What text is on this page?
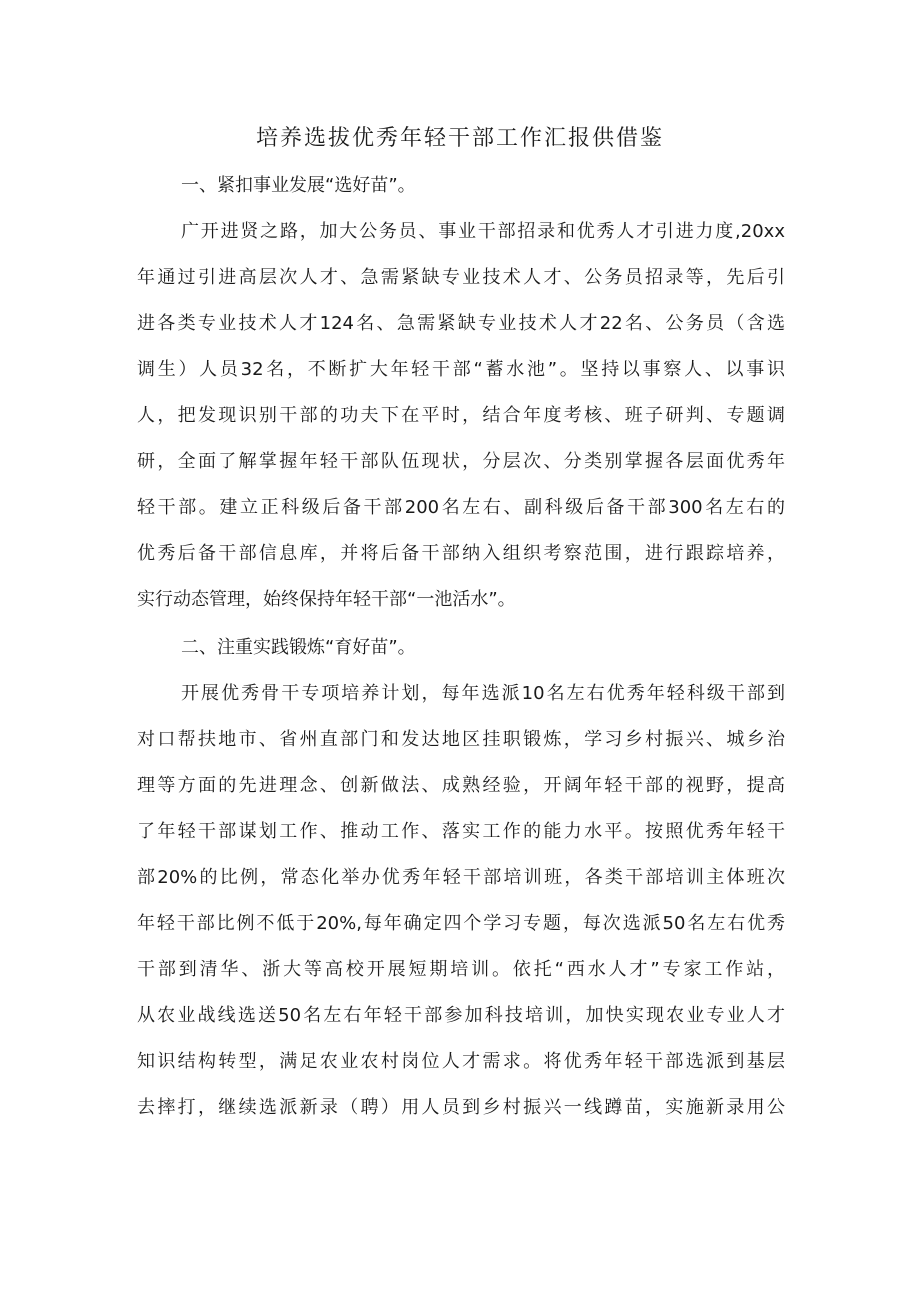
培养选拔优秀年轻干部工作汇报供借鉴

一、紧扣事业发展“选好苗”。

广开进贤之路，加大公务员、事业干部招录和优秀人才引进力度,20xx

年通过引进高层次人才、急需紧缺专业技术人才、公务员招录等，先后引

进各类专业技术人才124名、急需紧缺专业技术人才22名、公务员（含选

调生）人员32名，不断扩大年轻干部“蓄水池”。坚持以事察人、以事识

人，把发现识别干部的功夫下在平时，结合年度考核、班子研判、专题调

研，全面了解掌握年轻干部队伍现状，分层次、分类别掌握各层面优秀年

轻干部。建立正科级后备干部200名左右、副科级后备干部300名左右的

优秀后备干部信息库，并将后备干部纳入组织考察范围，进行跟踪培养，

实行动态管理，始终保持年轻干部“一池活水”。

二、注重实践锻炼“育好苗”。

开展优秀骨干专项培养计划，每年选派10名左右优秀年轻科级干部到

对口帮扶地市、省州直部门和发达地区挂职锻炼，学习乡村振兴、城乡治

理等方面的先进理念、创新做法、成熟经验，开阔年轻干部的视野，提高

了年轻干部谋划工作、推动工作、落实工作的能力水平。按照优秀年轻干

部20%的比例，常态化举办优秀年轻干部培训班，各类干部培训主体班次

年轻干部比例不低于20%,每年确定四个学习专题，每次选派50名左右优秀

干部到清华、浙大等高校开展短期培训。依托“西水人才”专家工作站，

从农业战线选送50名左右年轻干部参加科技培训，加快实现农业专业人才

知识结构转型，满足农业农村岗位人才需求。将优秀年轻干部选派到基层

去摔打，继续选派新录（聘）用人员到乡村振兴一线蹲苗，实施新录用公
